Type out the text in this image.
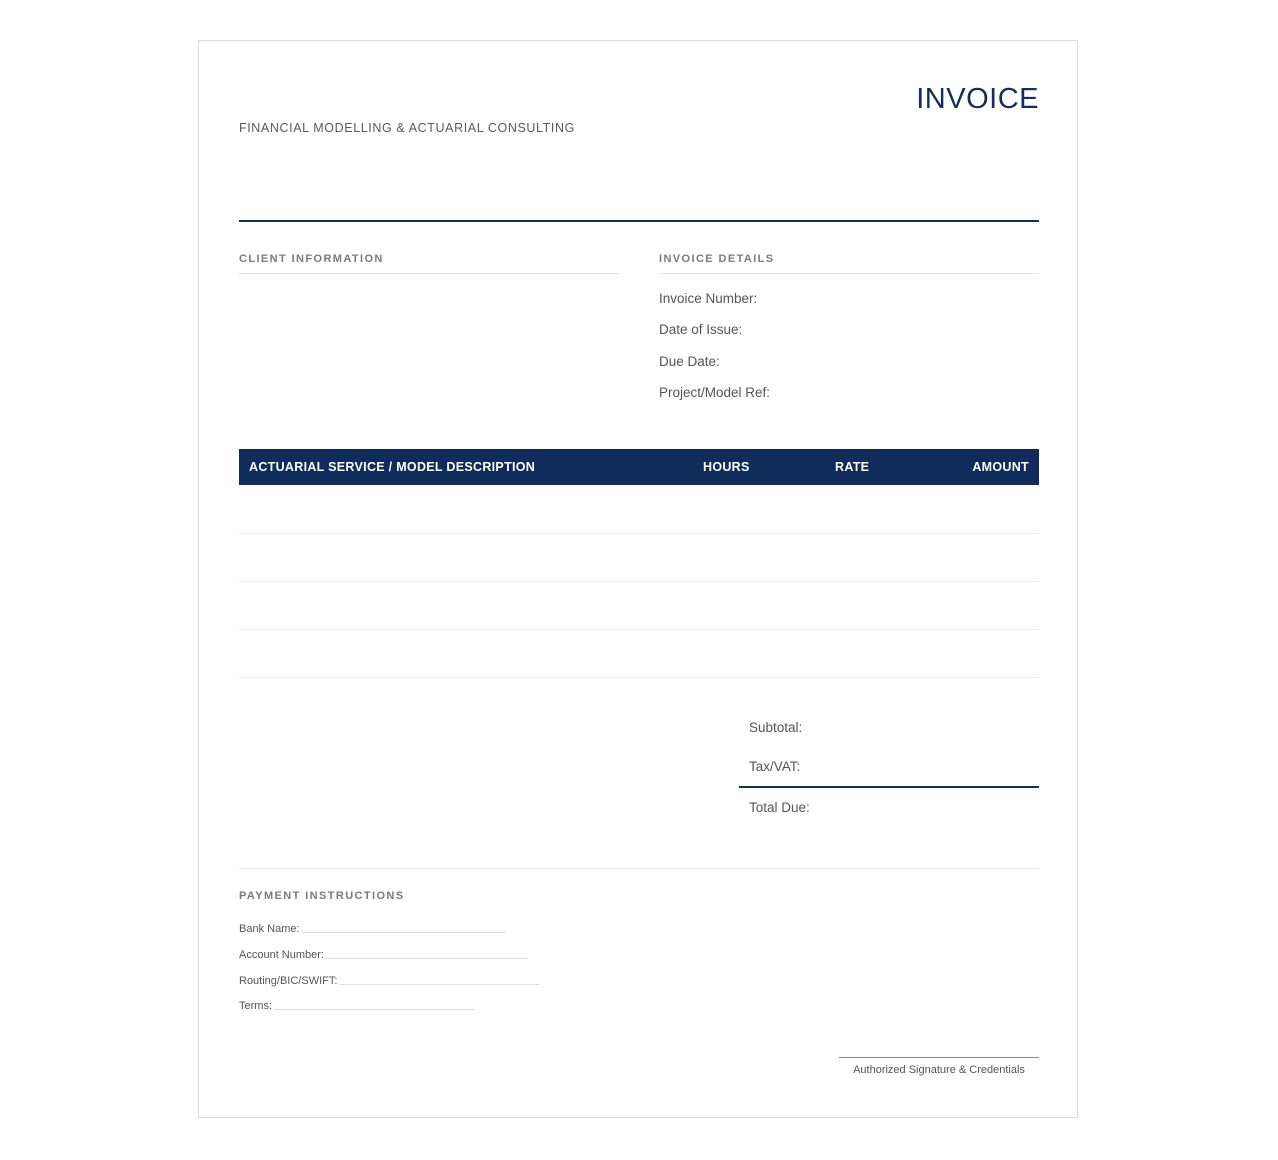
INVOICE
FINANCIAL MODELLING & ACTUARIAL CONSULTING
CLIENT INFORMATION	INVOICE DETAILS
Invoice Number:
Date of Issue:
Due Date:
Project/Model Ref:
ACTUARIAL SERVICE / MODEL DESCRIPTION	HOURS	RATE	AMOUNT
Subtotal:
Tax/VAT:
Total Due:
PAYMENT INSTRUCTIONS
Bank Name:
Account Number:
Routing/BIC/SWIFT:
Terms:
Authorized Signature & Credentials
